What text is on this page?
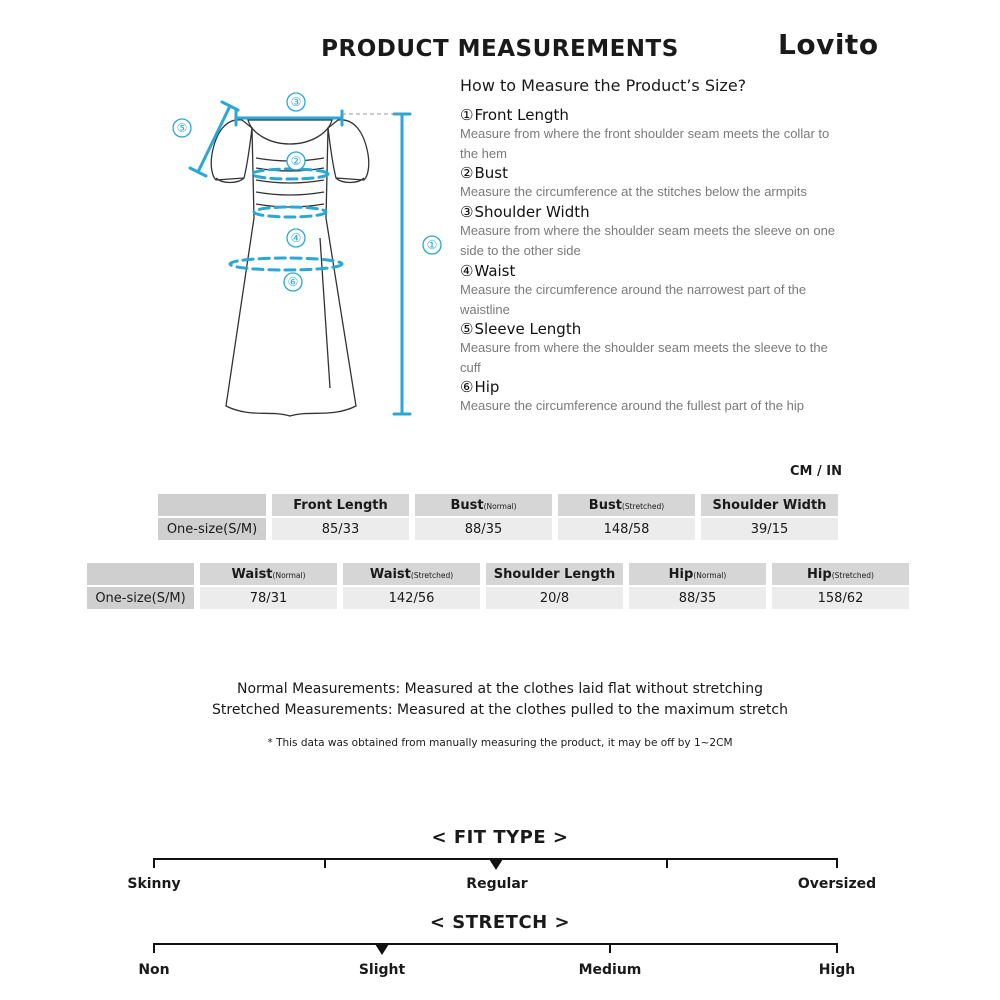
PRODUCT MEASUREMENTS	Lovito
③
⑤
②
④
⑥
①
How to Measure the Product’s Size?
①Front Length
Measure from where the front shoulder seam meets the collar to the hem
②Bust
Measure the circumference at the stitches below the armpits
③Shoulder Width
Measure from where the shoulder seam meets the sleeve on one side to the other side
④Waist
Measure the circumference around the narrowest part of the waistline
⑤Sleeve Length
Measure from where the shoulder seam meets the sleeve to the cuff
⑥Hip
Measure the circumference around the fullest part of the hip
CM / IN
	Front Length	Bust(Normal)	Bust(Stretched)	Shoulder Width
One-size(S/M)	85/33	88/35	148/58	39/15
	Waist(Normal)	Waist(Stretched)	Shoulder Length	Hip(Normal)	Hip(Stretched)
One-size(S/M)	78/31	142/56	20/8	88/35	158/62
Normal Measurements: Measured at the clothes laid flat without stretching
Stretched Measurements: Measured at the clothes pulled to the maximum stretch
* This data was obtained from manually measuring the product, it may be off by 1~2CM
< FIT TYPE >
Skinny	Regular	Oversized
< STRETCH >
Non	Slight	Medium	High
